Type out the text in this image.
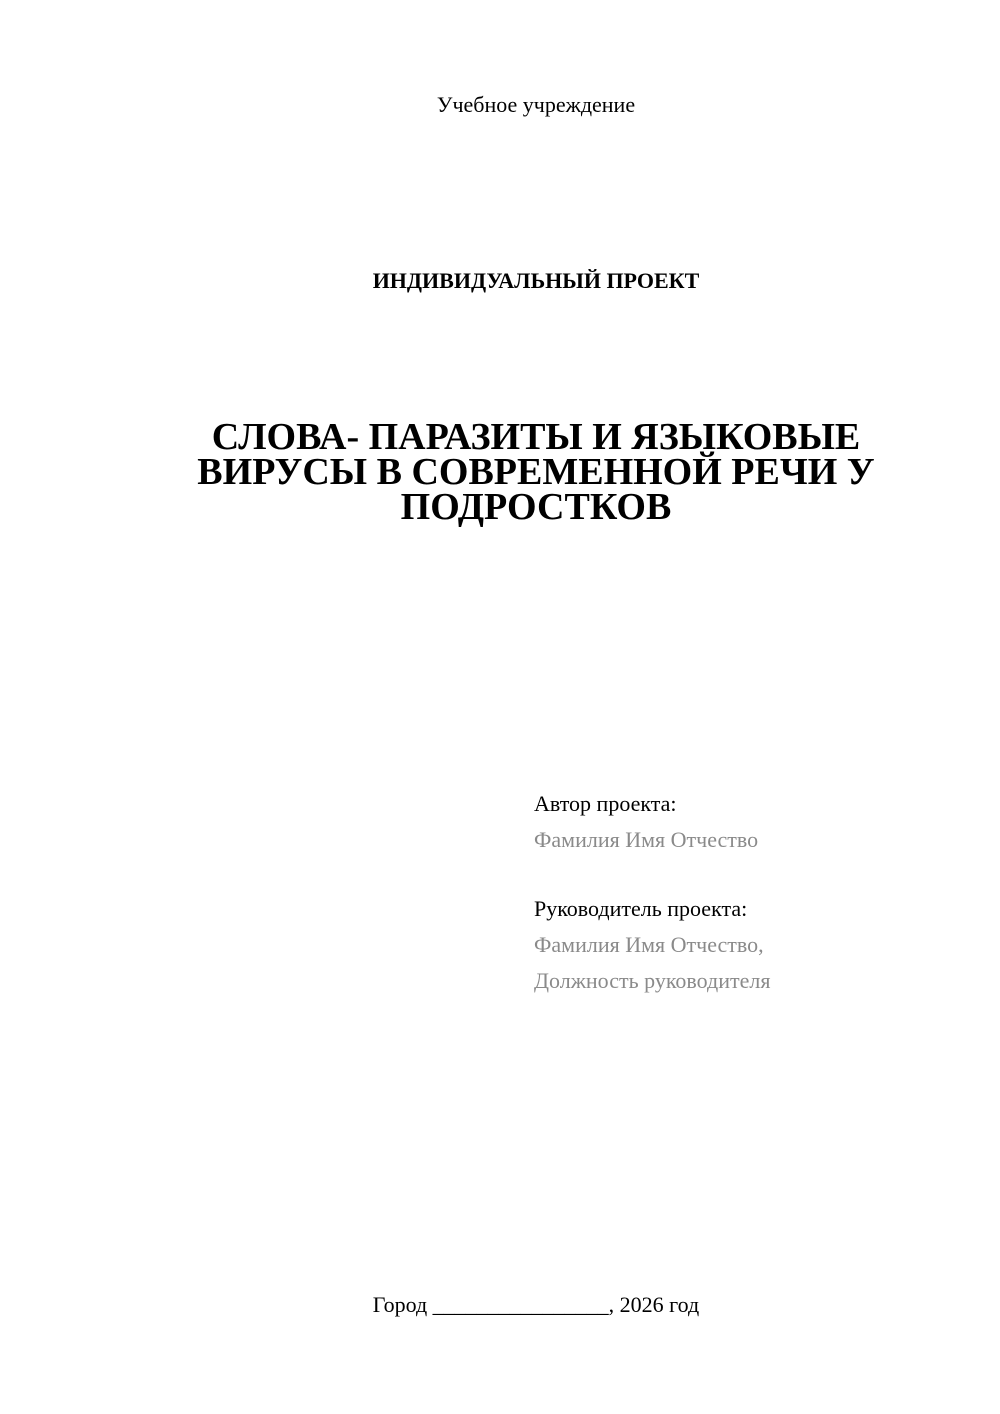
Учебное учреждение
ИНДИВИДУАЛЬНЫЙ ПРОЕКТ
СЛОВА- ПАРАЗИТЫ И ЯЗЫКОВЫЕ
ВИРУСЫ В СОВРЕМЕННОЙ РЕЧИ У
ПОДРОСТКОВ
Автор проекта:
Фамилия Имя Отчество
Руководитель проекта:
Фамилия Имя Отчество,
Должность руководителя
Город ________________, 2026 год
